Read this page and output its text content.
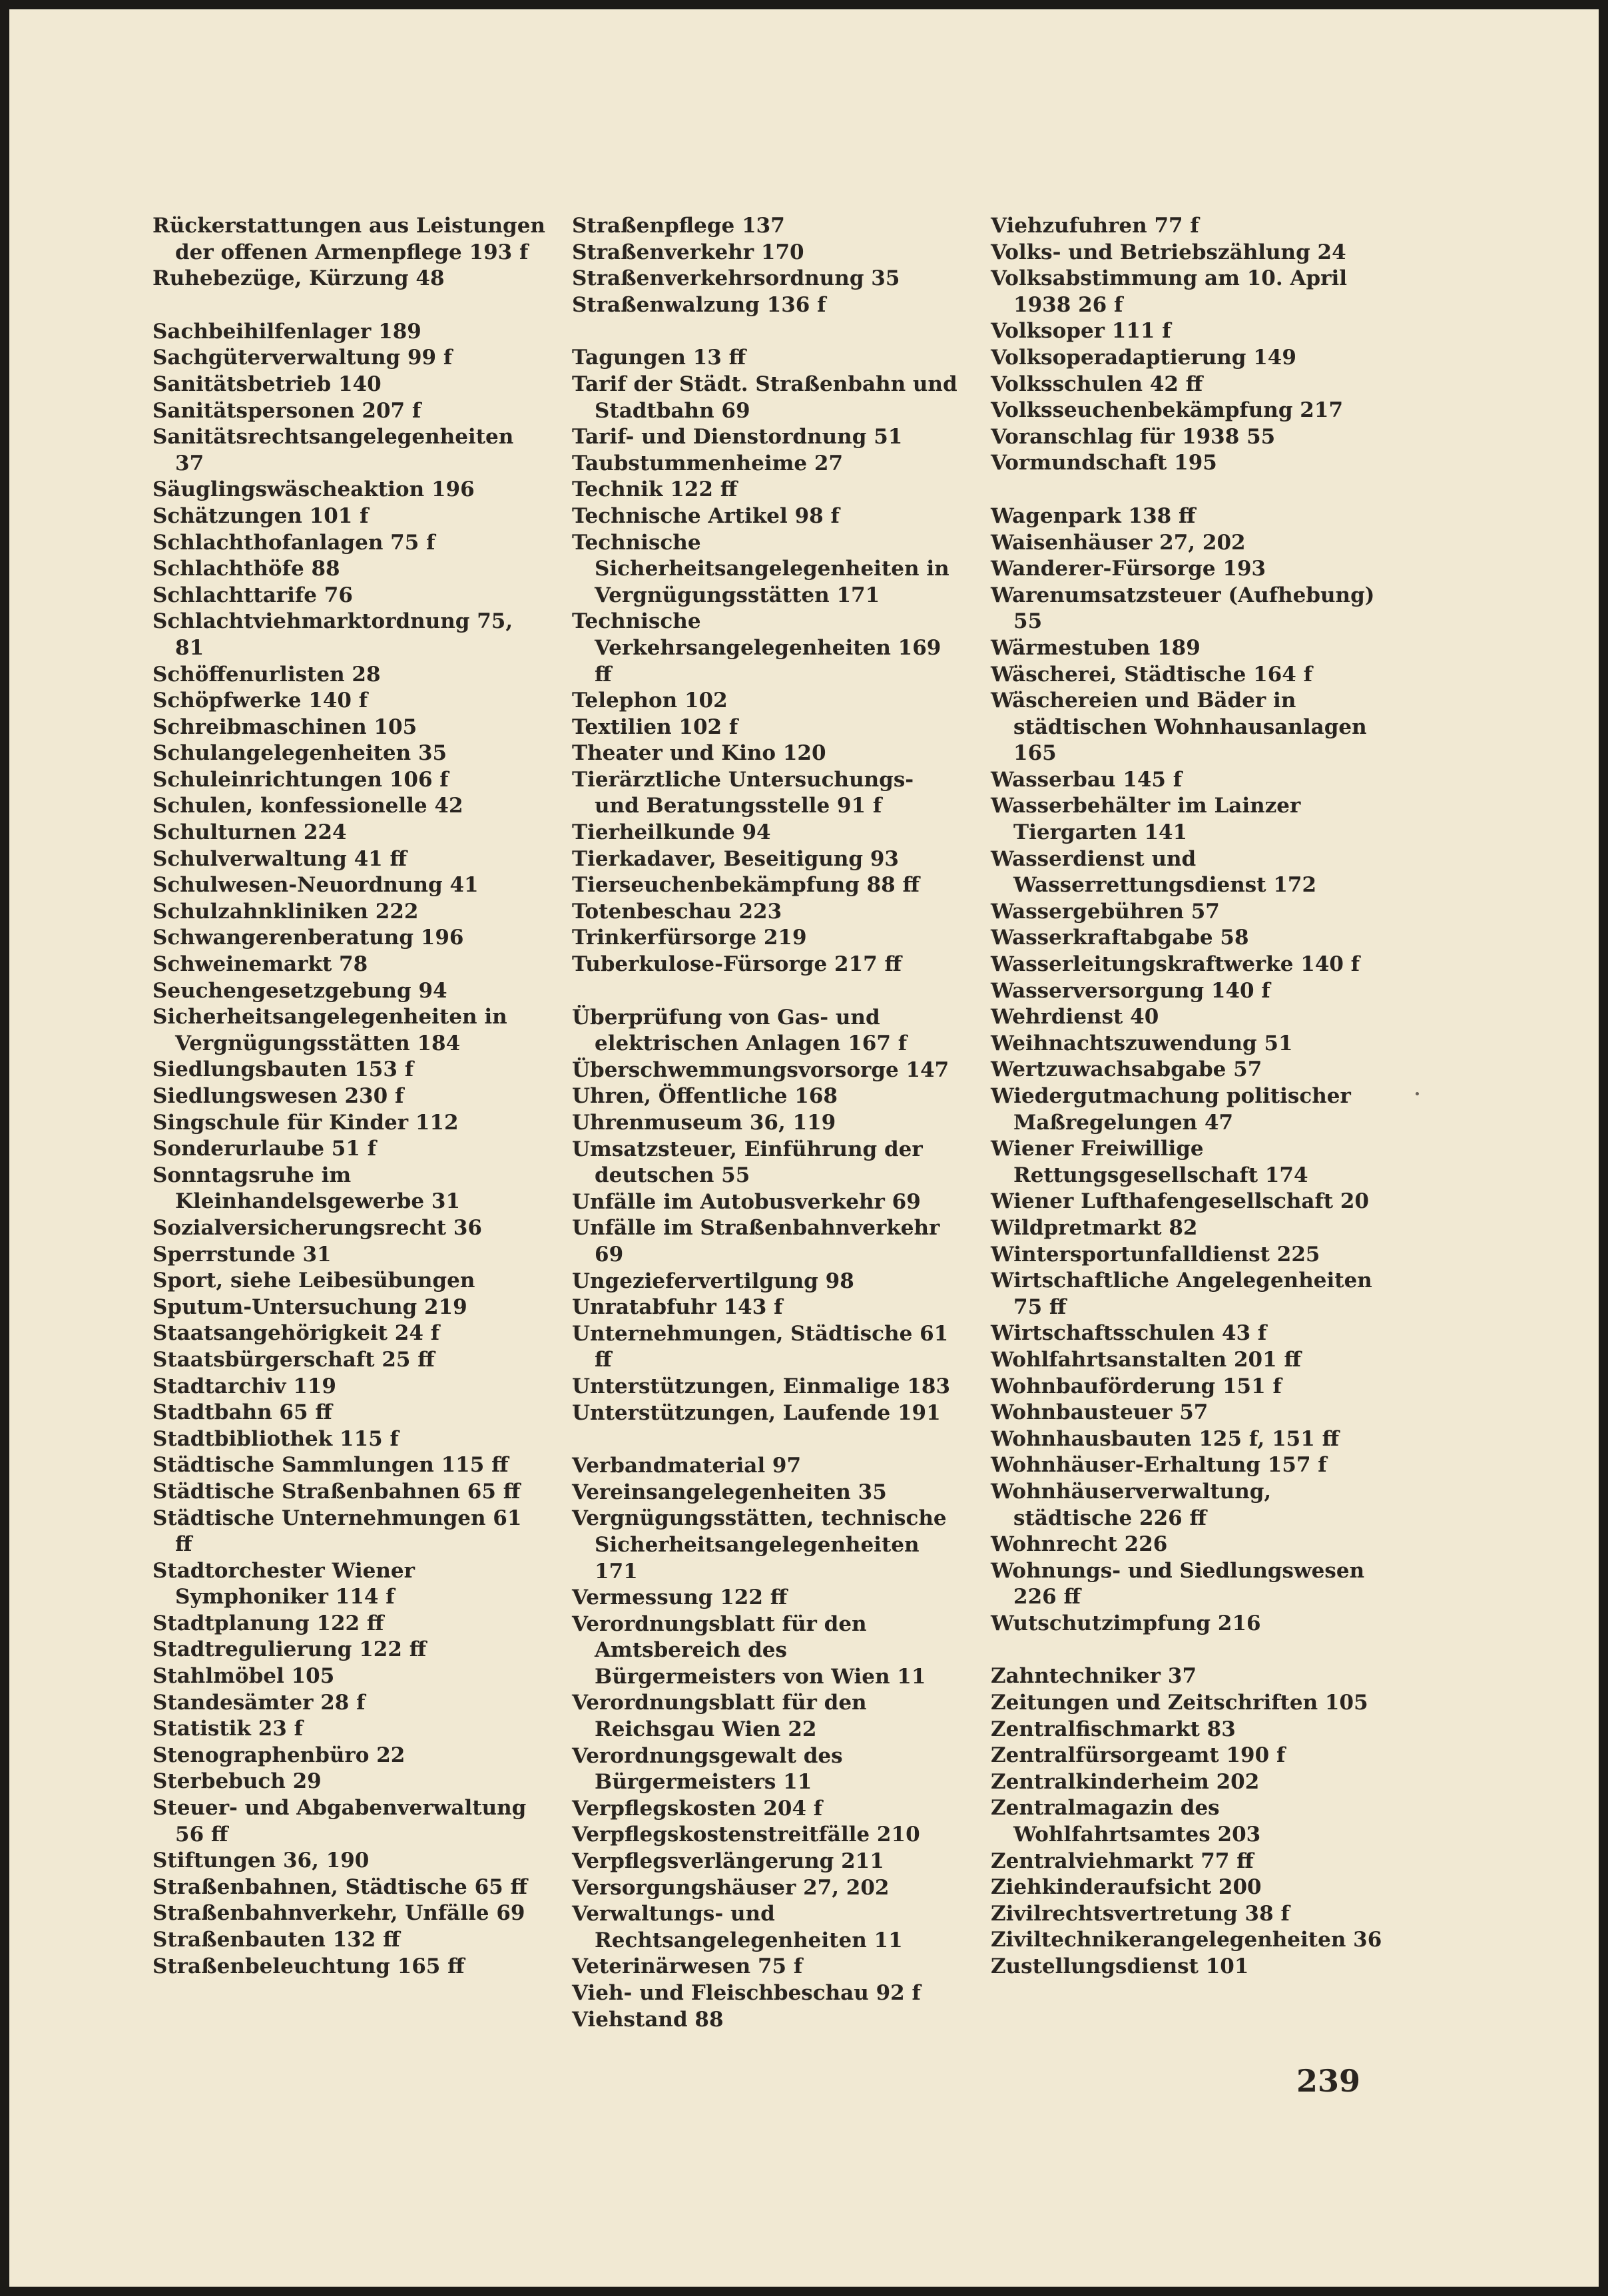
Rückerstattungen aus Leistungen der offenen Armenpflege 193 f

Ruhebezüge, Kürzung 48

Sachbeihilfenlager 189

Sachgüterverwaltung 99 f

Sanitätsbetrieb 140

Sanitätspersonen 207 f

Sanitätsrechtsangelegenheiten 37

Säuglingswäscheaktion 196

Schätzungen 101 f

Schlachthofanlagen 75 f

Schlachthöfe 88

Schlachttarife 76

Schlachtviehmarktordnung 75, 81

Schöffenurlisten 28

Schöpfwerke 140 f

Schreibmaschinen 105

Schulangelegenheiten 35

Schuleinrichtungen 106 f

Schulen, konfessionelle 42

Schulturnen 224

Schulverwaltung 41 ff

Schulwesen-Neuordnung 41

Schulzahnkliniken 222

Schwangerenberatung 196

Schweinemarkt 78

Seuchengesetzgebung 94

Sicherheitsangelegenheiten in Vergnügungsstätten 184

Siedlungsbauten 153 f

Siedlungswesen 230 f

Singschule für Kinder 112

Sonderurlaube 51 f

Sonntagsruhe im Kleinhandelsgewerbe 31

Sozialversicherungsrecht 36

Sperrstunde 31

Sport, siehe Leibesübungen

Sputum-Untersuchung 219

Staatsangehörigkeit 24 f

Staatsbürgerschaft 25 ff

Stadtarchiv 119

Stadtbahn 65 ff

Stadtbibliothek 115 f

Städtische Sammlungen 115 ff

Städtische Straßenbahnen 65 ff

Städtische Unternehmungen 61 ff

Stadtorchester Wiener Symphoniker 114 f

Stadtplanung 122 ff

Stadtregulierung 122 ff

Stahlmöbel 105

Standesämter 28 f

Statistik 23 f

Stenographenbüro 22

Sterbebuch 29

Steuer- und Abgabenverwaltung 56 ff

Stiftungen 36, 190

Straßenbahnen, Städtische 65 ff

Straßenbahnverkehr, Unfälle 69

Straßenbauten 132 ff

Straßenbeleuchtung 165 ff

Straßenpflege 137

Straßenverkehr 170

Straßenverkehrsordnung 35

Straßenwalzung 136 f

Tagungen 13 ff

Tarif der Städt. Straßenbahn und Stadtbahn 69

Tarif- und Dienstordnung 51

Taubstummenheime 27

Technik 122 ff

Technische Artikel 98 f

Technische Sicherheitsangelegenheiten in Vergnügungsstätten 171

Technische Verkehrsangelegenheiten 169 ff

Telephon 102

Textilien 102 f

Theater und Kino 120

Tierärztliche Untersuchungs- und Beratungsstelle 91 f

Tierheilkunde 94

Tierkadaver, Beseitigung 93

Tierseuchenbekämpfung 88 ff

Totenbeschau 223

Trinkerfürsorge 219

Tuberkulose-Fürsorge 217 ff

Überprüfung von Gas- und elektrischen Anlagen 167 f

Überschwemmungsvorsorge 147

Uhren, Öffentliche 168

Uhrenmuseum 36, 119

Umsatzsteuer, Einführung der deutschen 55

Unfälle im Autobusverkehr 69

Unfälle im Straßenbahnverkehr 69

Ungeziefervertilgung 98

Unratabfuhr 143 f

Unternehmungen, Städtische 61 ff

Unterstützungen, Einmalige 183

Unterstützungen, Laufende 191

Verbandmaterial 97

Vereinsangelegenheiten 35

Vergnügungsstätten, technische Sicherheitsangelegenheiten 171

Vermessung 122 ff

Verordnungsblatt für den Amtsbereich des Bürgermeisters von Wien 11

Verordnungsblatt für den Reichsgau Wien 22

Verordnungsgewalt des Bürgermeisters 11

Verpflegskosten 204 f

Verpflegskostenstreitfälle 210

Verpflegsverlängerung 211

Versorgungshäuser 27, 202

Verwaltungs- und Rechtsangelegenheiten 11

Veterinärwesen 75 f

Vieh- und Fleischbeschau 92 f

Viehstand 88

Viehzufuhren 77 f

Volks- und Betriebszählung 24

Volksabstimmung am 10. April 1938 26 f

Volksoper 111 f

Volksoperadaptierung 149

Volksschulen 42 ff

Volksseuchenbekämpfung 217

Voranschlag für 1938 55

Vormundschaft 195

Wagenpark 138 ff

Waisenhäuser 27, 202

Wanderer-Fürsorge 193

Warenumsatzsteuer (Aufhebung) 55

Wärmestuben 189

Wäscherei, Städtische 164 f

Wäschereien und Bäder in städtischen Wohnhausanlagen 165

Wasserbau 145 f

Wasserbehälter im Lainzer Tiergarten 141

Wasserdienst und Wasserrettungsdienst 172

Wassergebühren 57

Wasserkraftabgabe 58

Wasserleitungskraftwerke 140 f

Wasserversorgung 140 f

Wehrdienst 40

Weihnachtszuwendung 51

Wertzuwachsabgabe 57

Wiedergutmachung politischer Maßregelungen 47

Wiener Freiwillige Rettungsgesellschaft 174

Wiener Lufthafengesellschaft 20

Wildpretmarkt 82

Wintersportunfalldienst 225

Wirtschaftliche Angelegenheiten 75 ff

Wirtschaftsschulen 43 f

Wohlfahrtsanstalten 201 ff

Wohnbauförderung 151 f

Wohnbausteuer 57

Wohnhausbauten 125 f, 151 ff

Wohnhäuser-Erhaltung 157 f

Wohnhäuserverwaltung, städtische 226 ff

Wohnrecht 226

Wohnungs- und Siedlungswesen 226 ff

Wutschutzimpfung 216

Zahntechniker 37

Zeitungen und Zeitschriften 105

Zentralfischmarkt 83

Zentralfürsorgeamt 190 f

Zentralkinderheim 202

Zentralmagazin des Wohlfahrtsamtes 203

Zentralviehmarkt 77 ff

Ziehkinderaufsicht 200

Zivilrechtsvertretung 38 f

Ziviltechnikerangelegenheiten 36

Zustellungsdienst 101

239
